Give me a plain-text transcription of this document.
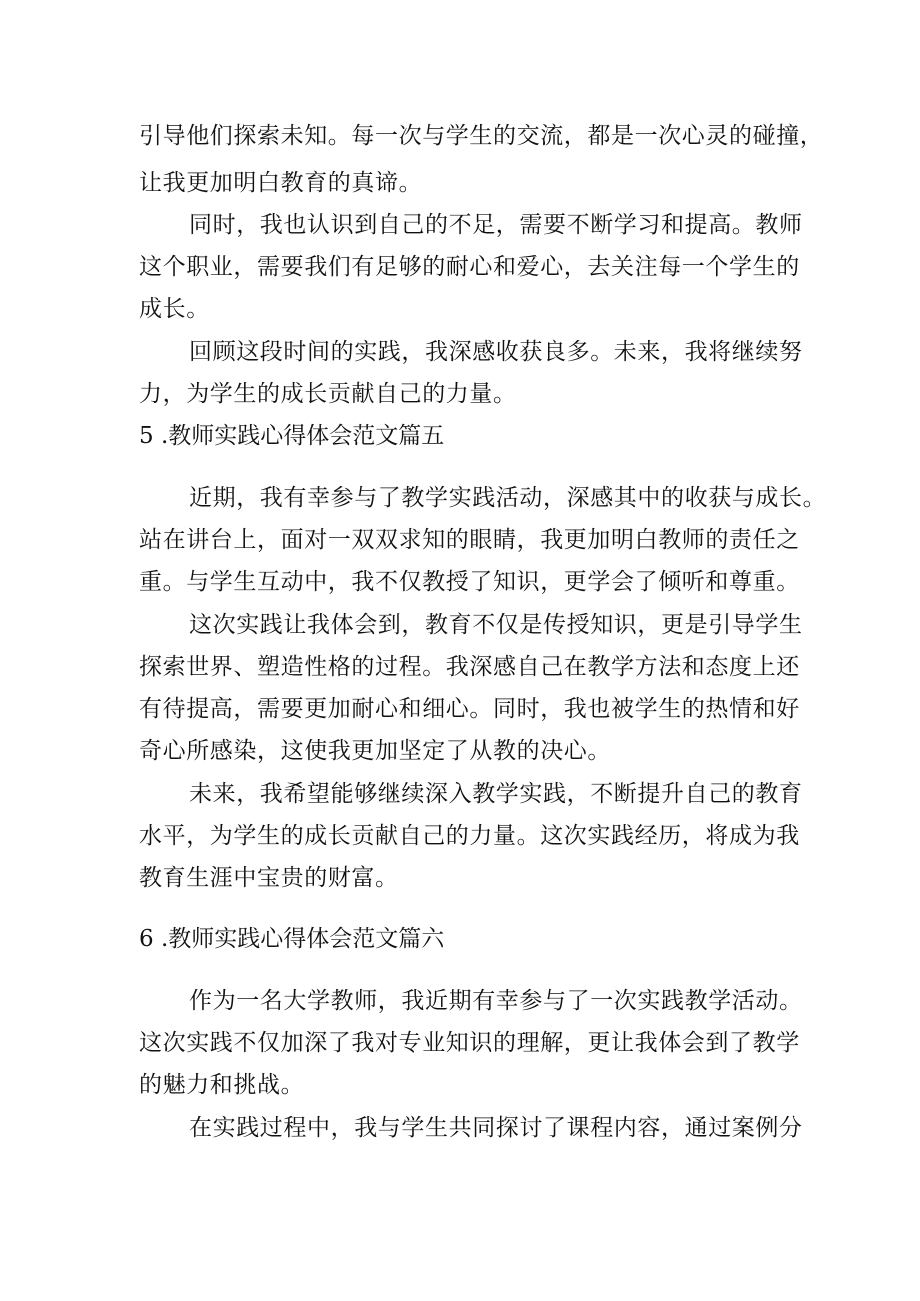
引导他们探索未知。每一次与学生的交流，都是一次心灵的碰撞，
让我更加明白教育的真谛。
同时，我也认识到自己的不足，需要不断学习和提高。教师
这个职业，需要我们有足够的耐心和爱心，去关注每一个学生的
成长。
回顾这段时间的实践，我深感收获良多。未来，我将继续努
力，为学生的成长贡献自己的力量。
5 .教师实践心得体会范文篇五
近期，我有幸参与了教学实践活动，深感其中的收获与成长。
站在讲台上，面对一双双求知的眼睛，我更加明白教师的责任之
重。与学生互动中，我不仅教授了知识，更学会了倾听和尊重。
这次实践让我体会到，教育不仅是传授知识，更是引导学生
探索世界、塑造性格的过程。我深感自己在教学方法和态度上还
有待提高，需要更加耐心和细心。同时，我也被学生的热情和好
奇心所感染，这使我更加坚定了从教的决心。
未来，我希望能够继续深入教学实践，不断提升自己的教育
水平，为学生的成长贡献自己的力量。这次实践经历，将成为我
教育生涯中宝贵的财富。
6 .教师实践心得体会范文篇六
作为一名大学教师，我近期有幸参与了一次实践教学活动。
这次实践不仅加深了我对专业知识的理解，更让我体会到了教学
的魅力和挑战。
在实践过程中，我与学生共同探讨了课程内容，通过案例分
